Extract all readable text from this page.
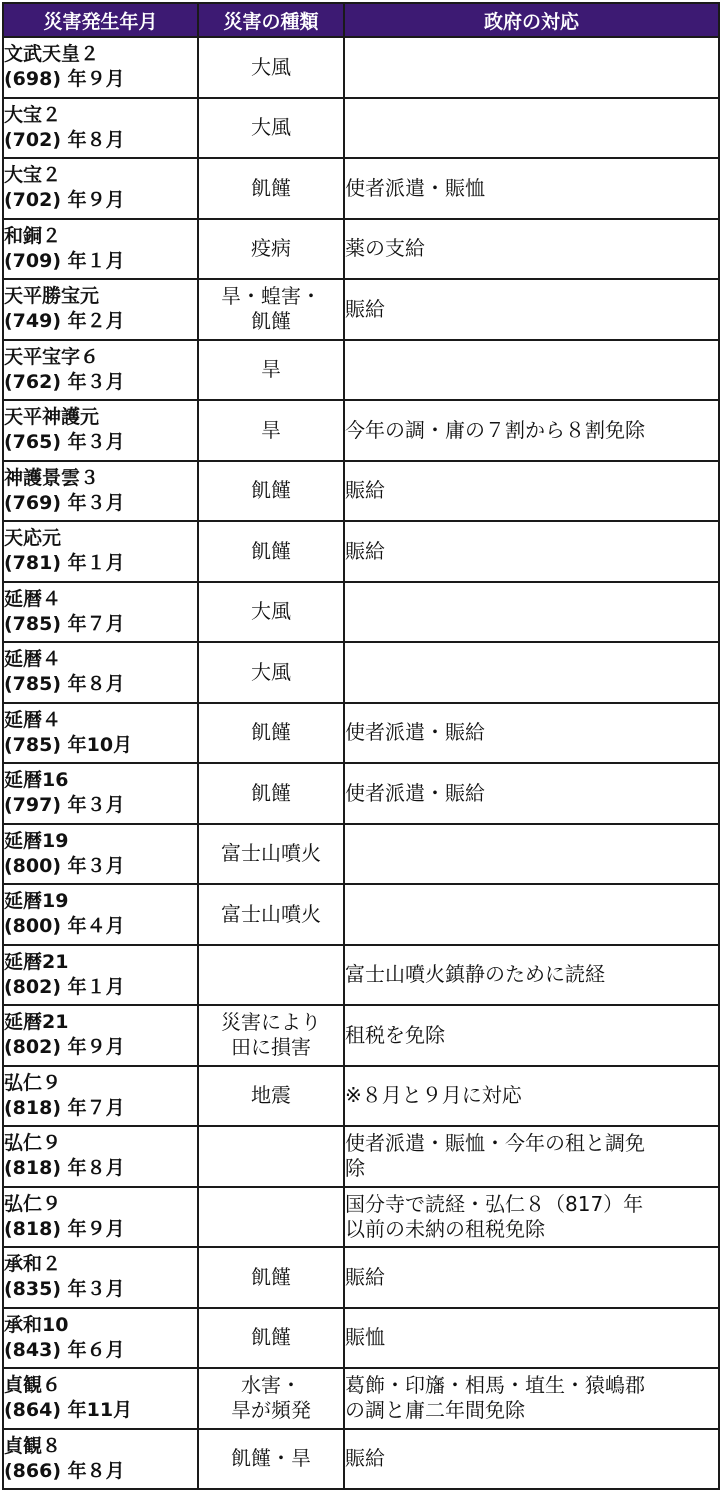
災害発生年月	災害の種類	政府の対応

文武天皇２
(698) 年９月	大風	

大宝２
(702) 年８月	大風	

大宝２
(702) 年９月	飢饉	使者派遣・賑恤

和銅２
(709) 年１月	疫病	薬の支給

天平勝宝元
(749) 年２月	旱・蝗害・
飢饉	賑給

天平宝字６
(762) 年３月	旱	

天平神護元
(765) 年３月	旱	今年の調・庸の７割から８割免除

神護景雲３
(769) 年３月	飢饉	賑給

天応元
(781) 年１月	飢饉	賑給

延暦４
(785) 年７月	大風	

延暦４
(785) 年８月	大風	

延暦４
(785) 年10月	飢饉	使者派遣・賑給

延暦16
(797) 年３月	飢饉	使者派遣・賑給

延暦19
(800) 年３月	富士山噴火	

延暦19
(800) 年４月	富士山噴火	

延暦21
(802) 年１月		富士山噴火鎮静のために読経

延暦21
(802) 年９月	災害により
田に損害	租税を免除

弘仁９
(818) 年７月	地震	※８月と９月に対応

弘仁９
(818) 年８月		使者派遣・賑恤・今年の租と調免
除

弘仁９
(818) 年９月		国分寺で読経・弘仁８（817）年
以前の未納の租税免除

承和２
(835) 年３月	飢饉	賑給

承和10
(843) 年６月	飢饉	賑恤

貞観６
(864) 年11月	水害・
旱が頻発	葛飾・印旛・相馬・埴生・猿嶋郡
の調と庸二年間免除

貞観８
(866) 年８月	飢饉・旱	賑給
